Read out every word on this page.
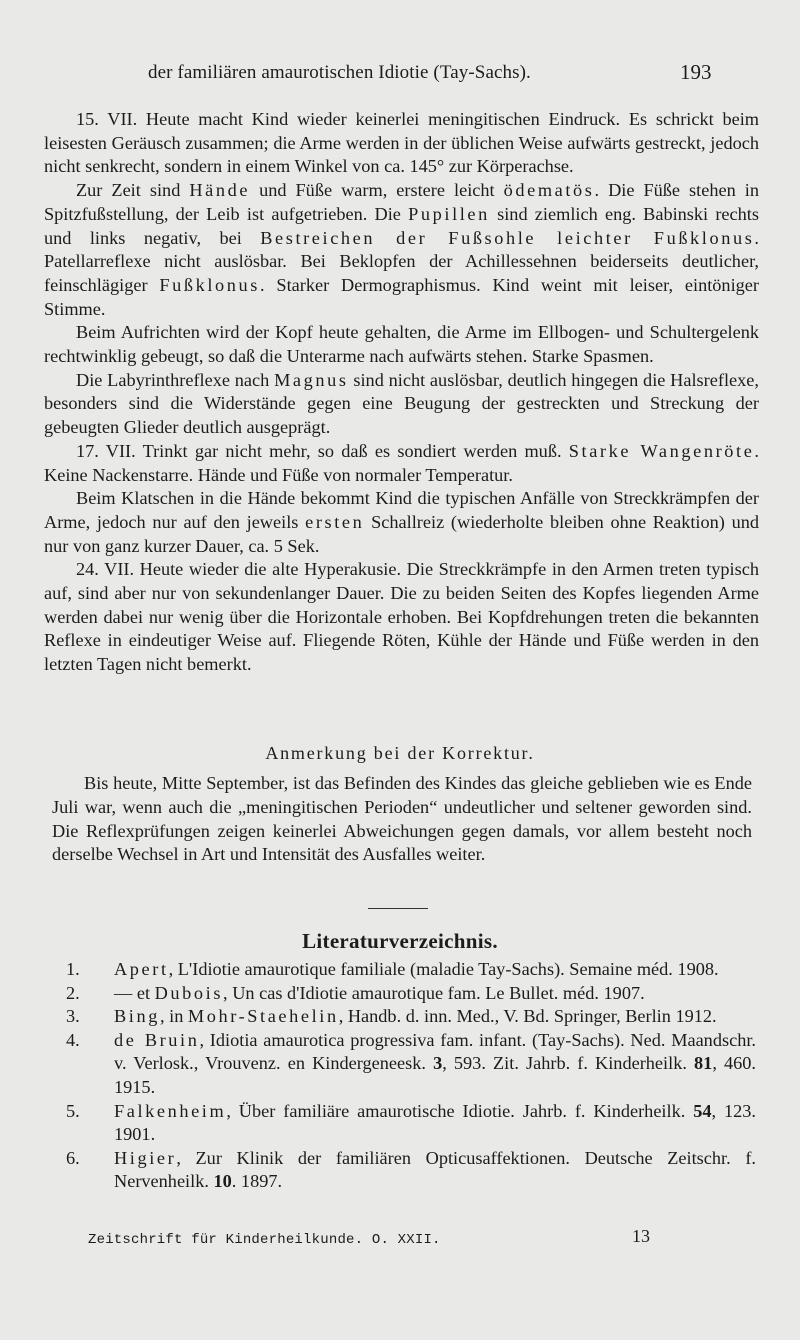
der familiären amaurotischen Idiotie (Tay-Sachs).	193

15. VII. Heute macht Kind wieder keinerlei meningitischen Eindruck. Es schrickt beim leisesten Geräusch zusammen; die Arme werden in der üblichen Weise aufwärts gestreckt, jedoch nicht senkrecht, sondern in einem Winkel von ca. 145° zur Körperachse.

Zur Zeit sind Hände und Füße warm, erstere leicht ödematös. Die Füße stehen in Spitzfußstellung, der Leib ist aufgetrieben. Die Pupillen sind ziemlich eng. Babinski rechts und links negativ, bei Bestreichen der Fußsohle leichter Fußklonus. Patellarreflexe nicht auslösbar. Bei Beklopfen der Achillessehnen beiderseits deutlicher, feinschlägiger Fußklonus. Starker Dermographismus. Kind weint mit leiser, eintöniger Stimme.

Beim Aufrichten wird der Kopf heute gehalten, die Arme im Ellbogen- und Schultergelenk rechtwinklig gebeugt, so daß die Unterarme nach aufwärts stehen. Starke Spasmen.

Die Labyrinthreflexe nach Magnus sind nicht auslösbar, deutlich hingegen die Halsreflexe, besonders sind die Widerstände gegen eine Beugung der gestreckten und Streckung der gebeugten Glieder deutlich ausgeprägt.

17. VII. Trinkt gar nicht mehr, so daß es sondiert werden muß. Starke Wangenröte. Keine Nackenstarre. Hände und Füße von normaler Temperatur.

Beim Klatschen in die Hände bekommt Kind die typischen Anfälle von Streckkrämpfen der Arme, jedoch nur auf den jeweils ersten Schallreiz (wiederholte bleiben ohne Reaktion) und nur von ganz kurzer Dauer, ca. 5 Sek.

24. VII. Heute wieder die alte Hyperakusie. Die Streckkrämpfe in den Armen treten typisch auf, sind aber nur von sekundenlanger Dauer. Die zu beiden Seiten des Kopfes liegenden Arme werden dabei nur wenig über die Horizontale erhoben. Bei Kopfdrehungen treten die bekannten Reflexe in eindeutiger Weise auf. Fliegende Röten, Kühle der Hände und Füße werden in den letzten Tagen nicht bemerkt.

Anmerkung bei der Korrektur.

Bis heute, Mitte September, ist das Befinden des Kindes das gleiche geblieben wie es Ende Juli war, wenn auch die „meningitischen Perioden“ undeutlicher und seltener geworden sind. Die Reflexprüfungen zeigen keinerlei Abweichungen gegen damals, vor allem besteht noch derselbe Wechsel in Art und Intensität des Ausfalles weiter.

Literaturverzeichnis.
1. Apert, L'Idiotie amaurotique familiale (maladie Tay-Sachs). Semaine méd. 1908.
2. — et Dubois, Un cas d'Idiotie amaurotique fam. Le Bullet. méd. 1907.
3. Bing, in Mohr-Staehelin, Handb. d. inn. Med., V. Bd. Springer, Berlin 1912.
4. de Bruin, Idiotia amaurotica progressiva fam. infant. (Tay-Sachs). Ned. Maandschr. v. Verlosk., Vrouvenz. en Kindergeneesk. 3, 593. Zit. Jahrb. f. Kinderheilk. 81, 460. 1915.
5. Falkenheim, Über familiäre amaurotische Idiotie. Jahrb. f. Kinderheilk. 54, 123. 1901.
6. Higier, Zur Klinik der familiären Opticusaffektionen. Deutsche Zeitschr. f. Nervenheilk. 10. 1897.
Zeitschrift für Kinderheilkunde. O. XXII.	13
